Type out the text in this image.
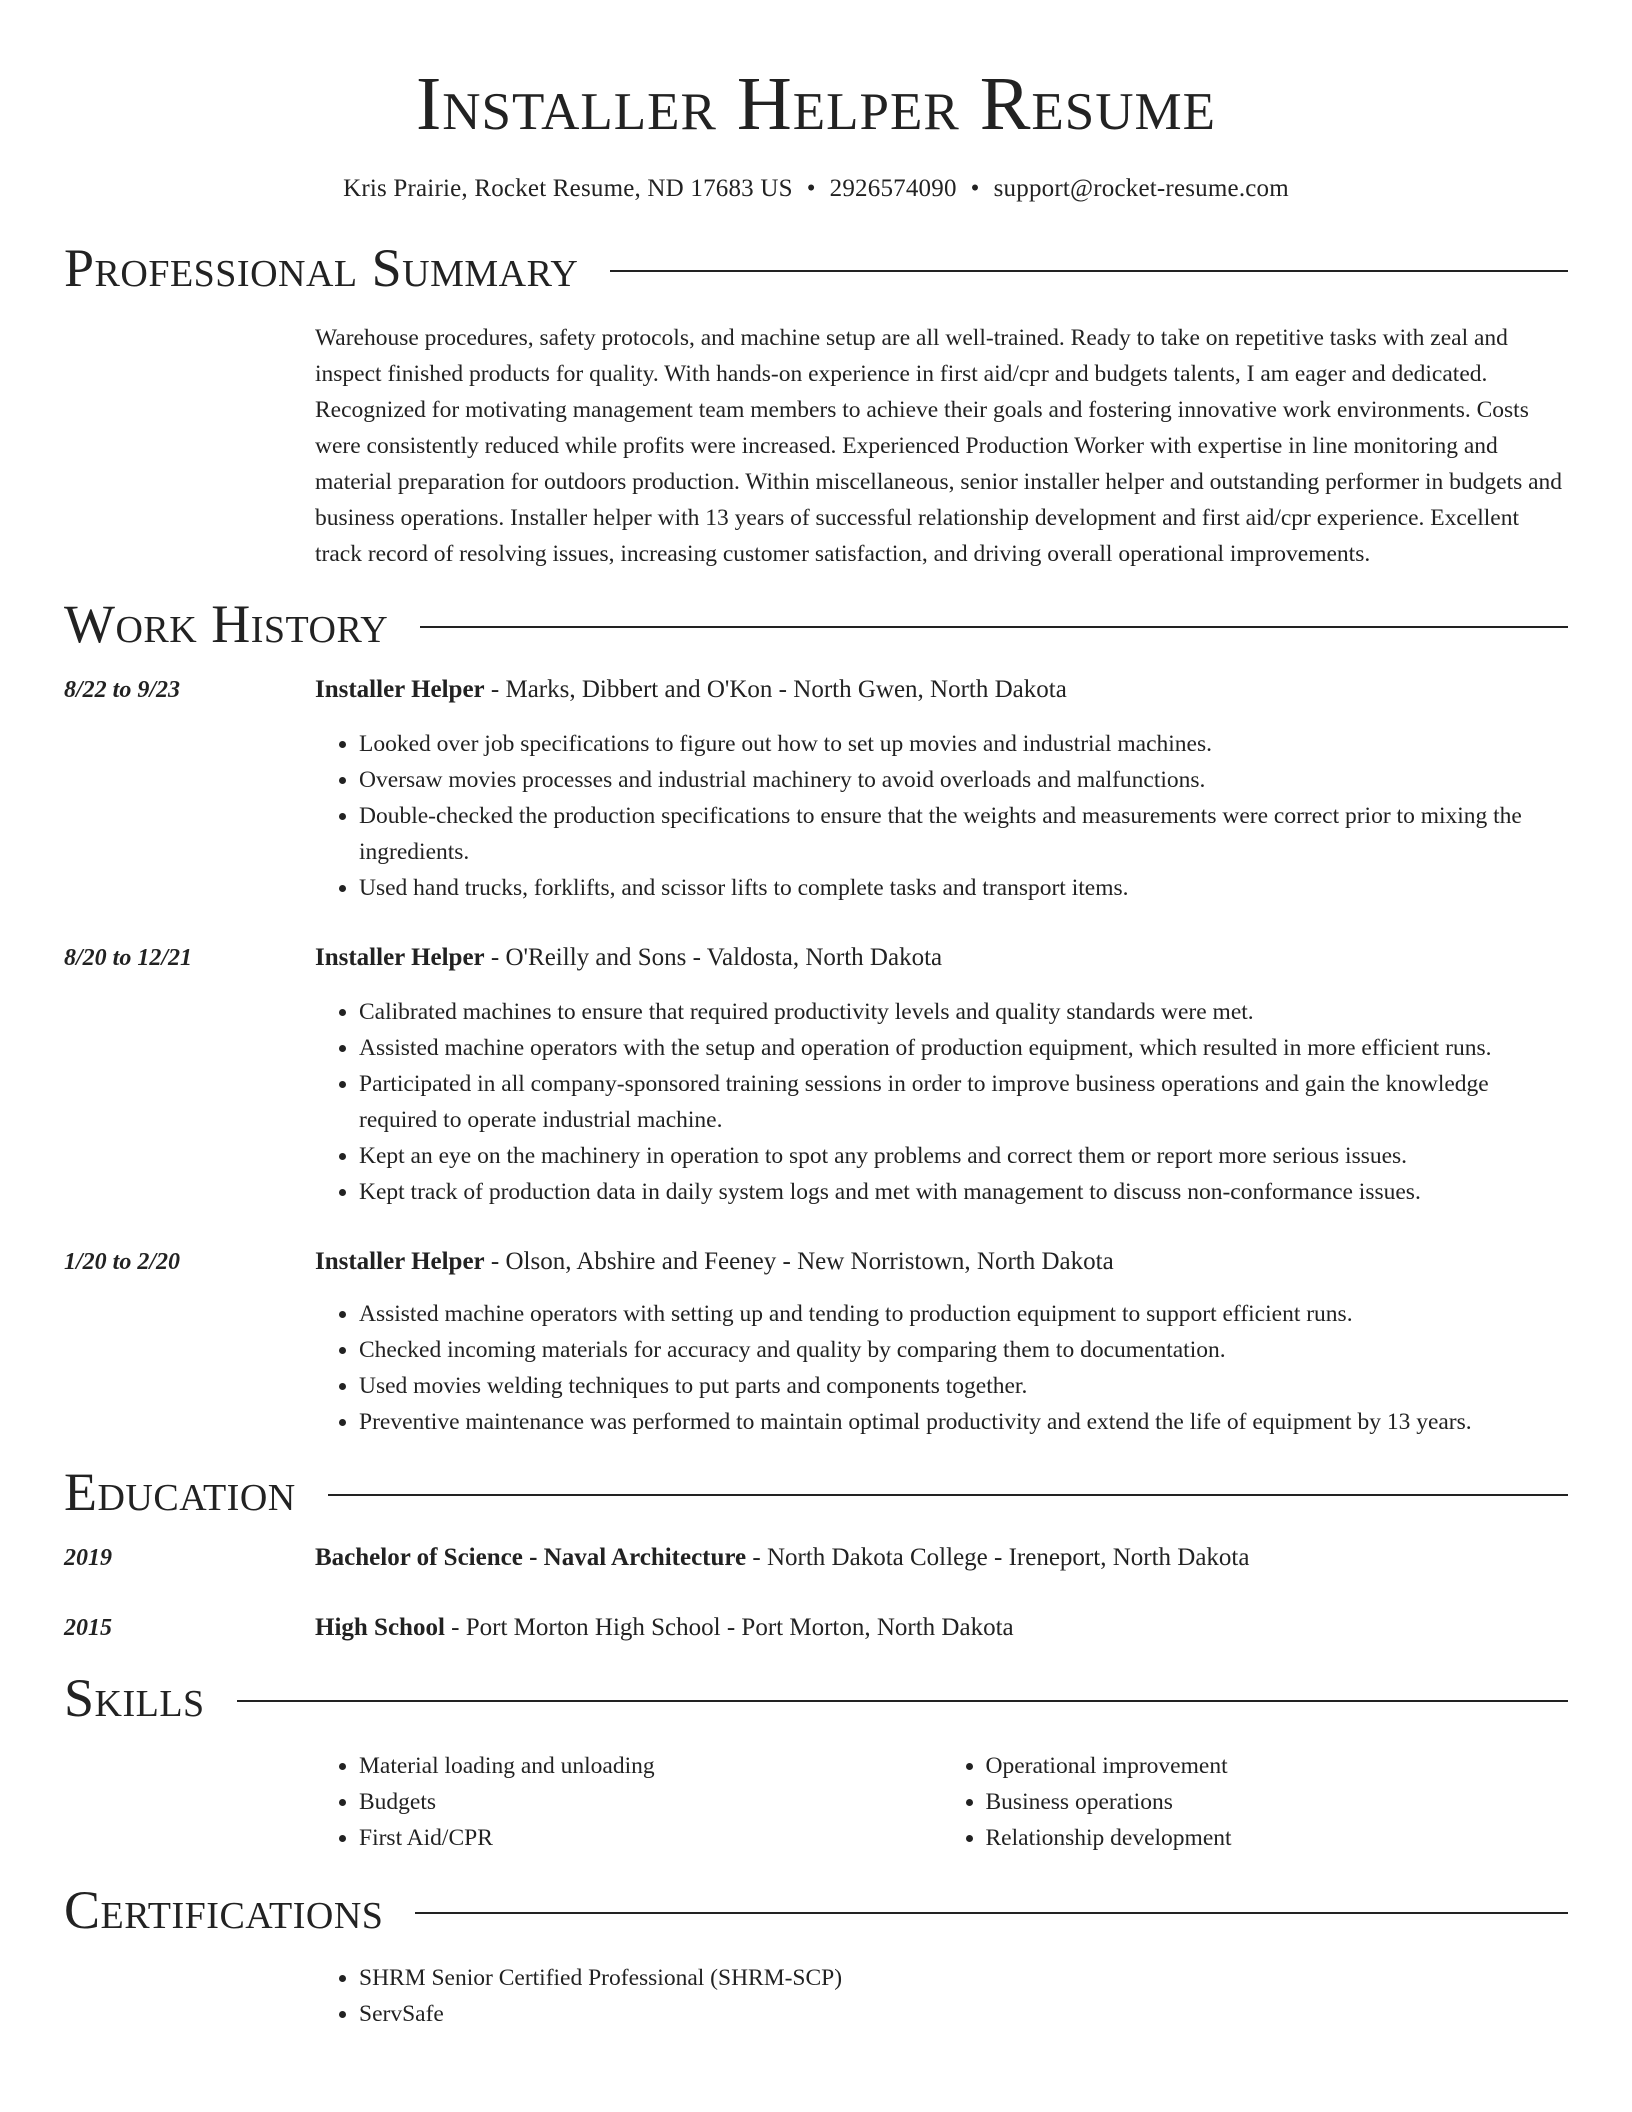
Installer Helper Resume
Kris Prairie, Rocket Resume, ND 17683 US • 2926574090 • support@rocket-resume.com
Professional Summary
Warehouse procedures, safety protocols, and machine setup are all well-trained. Ready to take on repetitive tasks with zeal and inspect finished products for quality. With hands-on experience in first aid/cpr and budgets talents, I am eager and dedicated. Recognized for motivating management team members to achieve their goals and fostering innovative work environments. Costs were consistently reduced while profits were increased. Experienced Production Worker with expertise in line monitoring and material preparation for outdoors production. Within miscellaneous, senior installer helper and outstanding performer in budgets and business operations. Installer helper with 13 years of successful relationship development and first aid/cpr experience. Excellent track record of resolving issues, increasing customer satisfaction, and driving overall operational improvements.
Work History
8/22 to 9/23	Installer Helper - Marks, Dibbert and O'Kon - North Gwen, North Dakota
• Looked over job specifications to figure out how to set up movies and industrial machines.
• Oversaw movies processes and industrial machinery to avoid overloads and malfunctions.
• Double-checked the production specifications to ensure that the weights and measurements were correct prior to mixing the ingredients.
• Used hand trucks, forklifts, and scissor lifts to complete tasks and transport items.
8/20 to 12/21	Installer Helper - O'Reilly and Sons - Valdosta, North Dakota
• Calibrated machines to ensure that required productivity levels and quality standards were met.
• Assisted machine operators with the setup and operation of production equipment, which resulted in more efficient runs.
• Participated in all company-sponsored training sessions in order to improve business operations and gain the knowledge required to operate industrial machine.
• Kept an eye on the machinery in operation to spot any problems and correct them or report more serious issues.
• Kept track of production data in daily system logs and met with management to discuss non-conformance issues.
1/20 to 2/20	Installer Helper - Olson, Abshire and Feeney - New Norristown, North Dakota
• Assisted machine operators with setting up and tending to production equipment to support efficient runs.
• Checked incoming materials for accuracy and quality by comparing them to documentation.
• Used movies welding techniques to put parts and components together.
• Preventive maintenance was performed to maintain optimal productivity and extend the life of equipment by 13 years.
Education
2019	Bachelor of Science - Naval Architecture - North Dakota College - Ireneport, North Dakota
2015	High School - Port Morton High School - Port Morton, North Dakota
Skills
• Material loading and unloading
• Budgets
• First Aid/CPR
• Operational improvement
• Business operations
• Relationship development
Certifications
• SHRM Senior Certified Professional (SHRM-SCP)
• ServSafe
